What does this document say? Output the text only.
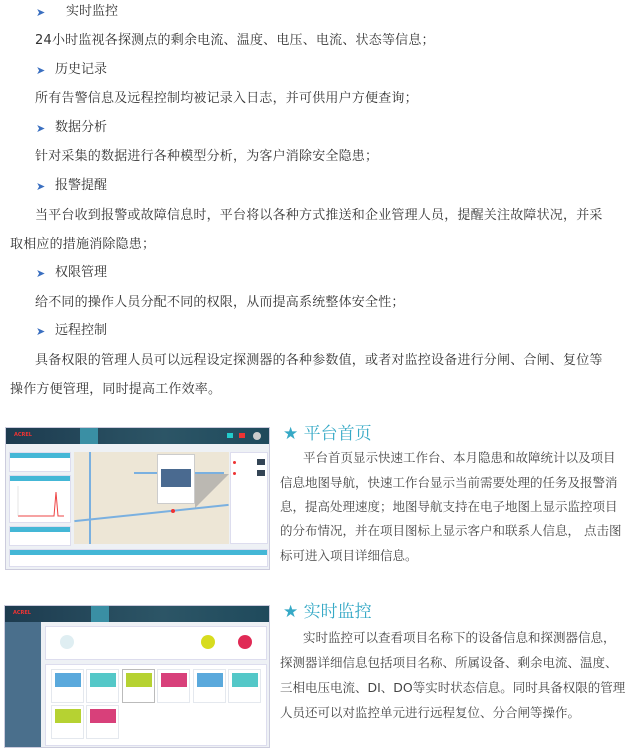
➤ 实时监控
24小时监视各探测点的剩余电流、温度、电压、电流、状态等信息；
➤ 历史记录
所有告警信息及远程控制均被记录入日志，并可供用户方便查询；
➤ 数据分析
针对采集的数据进行各种模型分析，为客户消除安全隐患；
➤ 报警提醒
当平台收到报警或故障信息时，平台将以各种方式推送和企业管理人员，提醒关注故障状况，并采
取相应的措施消除隐患；
➤ 权限管理
给不同的操作人员分配不同的权限，从而提高系统整体安全性；
➤ 远程控制
具备权限的管理人员可以远程设定探测器的各种参数值，或者对监控设备进行分闸、合闸、复位等
操作方便管理，同时提高工作效率。
ACREL	★ 平台首页
平台首页显示快速工作台、本月隐患和故障统计以及项目
信息地图导航，快速工作台显示当前需要处理的任务及报警消
息，提高处理速度；地图导航支持在电子地图上显示监控项目
的分布情况，并在项目图标上显示客户和联系人信息， 点击图
标可进入项目详细信息。
ACREL	★ 实时监控
实时监控可以查看项目名称下的设备信息和探测器信息，
探测器详细信息包括项目名称、所属设备、剩余电流、温度、
三相电压电流、DI、DO等实时状态信息。同时具备权限的管理
人员还可以对监控单元进行远程复位、分合闸等操作。
